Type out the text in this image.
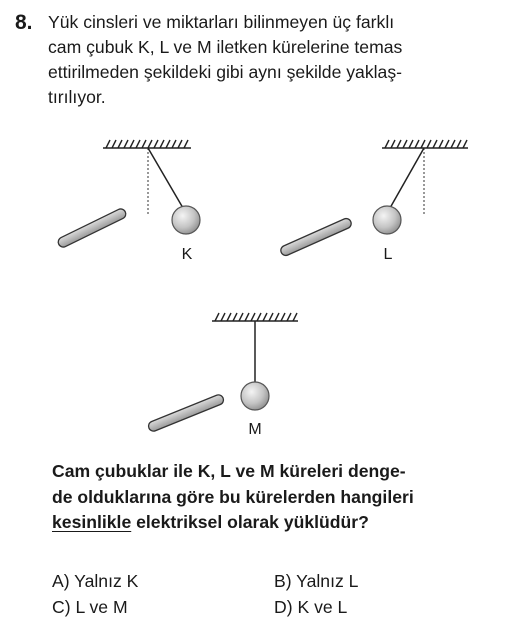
8. Yük cinsleri ve miktarları bilinmeyen üç farklı
cam çubuk K, L ve M iletken kürelerine temas
ettirilmeden şekildeki gibi aynı şekilde yaklaş-
tırılıyor.
K	L
M
Cam çubuklar ile K, L ve M küreleri denge-
de olduklarına göre bu kürelerden hangileri
kesinlikle elektriksel olarak yüklüdür?
A) Yalnız K	B) Yalnız L
C) L ve M	D) K ve L
